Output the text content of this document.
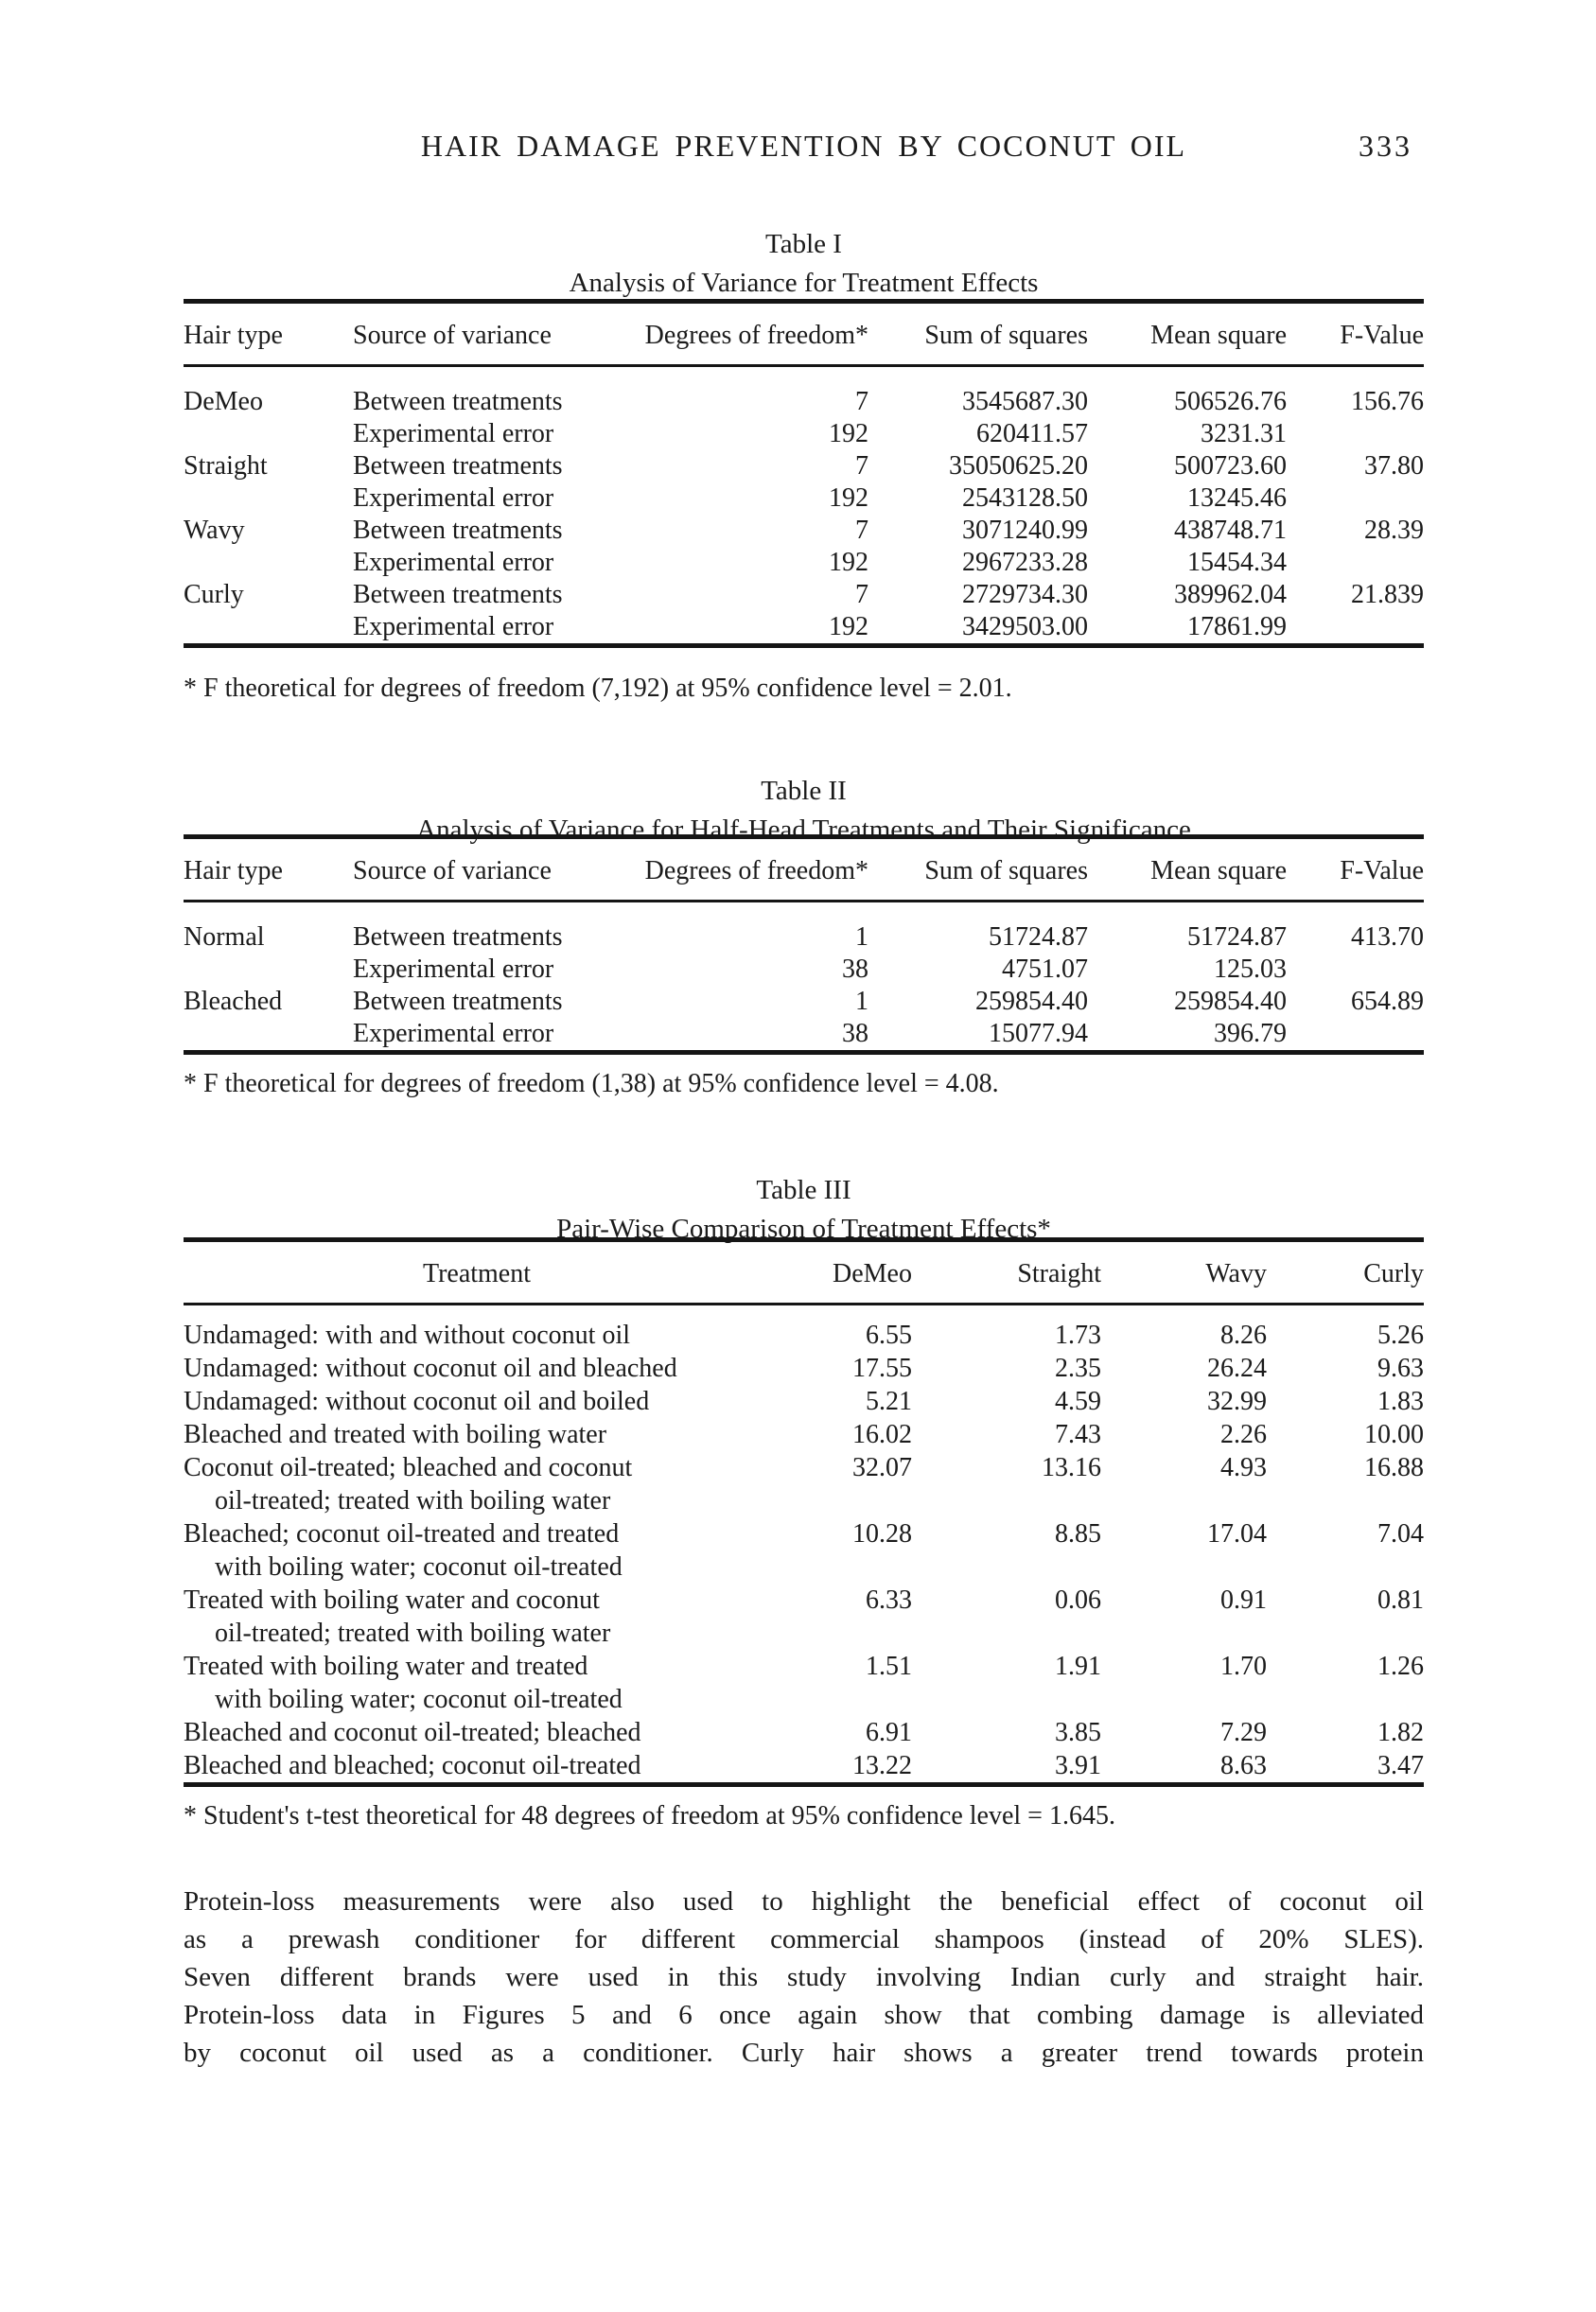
HAIR DAMAGE PREVENTION BY COCONUT OIL	333
Table I
Analysis of Variance for Treatment Effects
Hair type	Source of variance	Degrees of freedom*	Sum of squares	Mean square	F-Value
DeMeo	Between treatments	7	3545687.30	506526.76	156.76
	Experimental error	192	620411.57	3231.31	
Straight	Between treatments	7	35050625.20	500723.60	37.80
	Experimental error	192	2543128.50	13245.46	
Wavy	Between treatments	7	3071240.99	438748.71	28.39
	Experimental error	192	2967233.28	15454.34	
Curly	Between treatments	7	2729734.30	389962.04	21.839
	Experimental error	192	3429503.00	17861.99	
* F theoretical for degrees of freedom (7,192) at 95% confidence level = 2.01.
Table II
Analysis of Variance for Half-Head Treatments and Their Significance
Hair type	Source of variance	Degrees of freedom*	Sum of squares	Mean square	F-Value
Normal	Between treatments	1	51724.87	51724.87	413.70
	Experimental error	38	4751.07	125.03	
Bleached	Between treatments	1	259854.40	259854.40	654.89
	Experimental error	38	15077.94	396.79	
* F theoretical for degrees of freedom (1,38) at 95% confidence level = 4.08.
Table III
Pair-Wise Comparison of Treatment Effects*
Treatment	DeMeo	Straight	Wavy	Curly

Undamaged: with and without coconut oil	6.55	1.73	8.26	5.26

Undamaged: without coconut oil and bleached	17.55	2.35	26.24	9.63

Undamaged: without coconut oil and boiled	5.21	4.59	32.99	1.83

Bleached and treated with boiling water	16.02	7.43	2.26	10.00

Coconut oil-treated; bleached and coconut
oil-treated; treated with boiling water	32.07	13.16	4.93	16.88

Bleached; coconut oil-treated and treated
with boiling water; coconut oil-treated	10.28	8.85	17.04	7.04

Treated with boiling water and coconut
oil-treated; treated with boiling water	6.33	0.06	0.91	0.81

Treated with boiling water and treated
with boiling water; coconut oil-treated	1.51	1.91	1.70	1.26

Bleached and coconut oil-treated; bleached	6.91	3.85	7.29	1.82

Bleached and bleached; coconut oil-treated	13.22	3.91	8.63	3.47
* Student's t-test theoretical for 48 degrees of freedom at 95% confidence level = 1.645.
Protein-loss measurements were also used to highlight the beneficial effect of coconut oil
as a prewash conditioner for different commercial shampoos (instead of 20% SLES).
Seven different brands were used in this study involving Indian curly and straight hair.
Protein-loss data in Figures 5 and 6 once again show that combing damage is alleviated
by coconut oil used as a conditioner. Curly hair shows a greater trend towards protein
